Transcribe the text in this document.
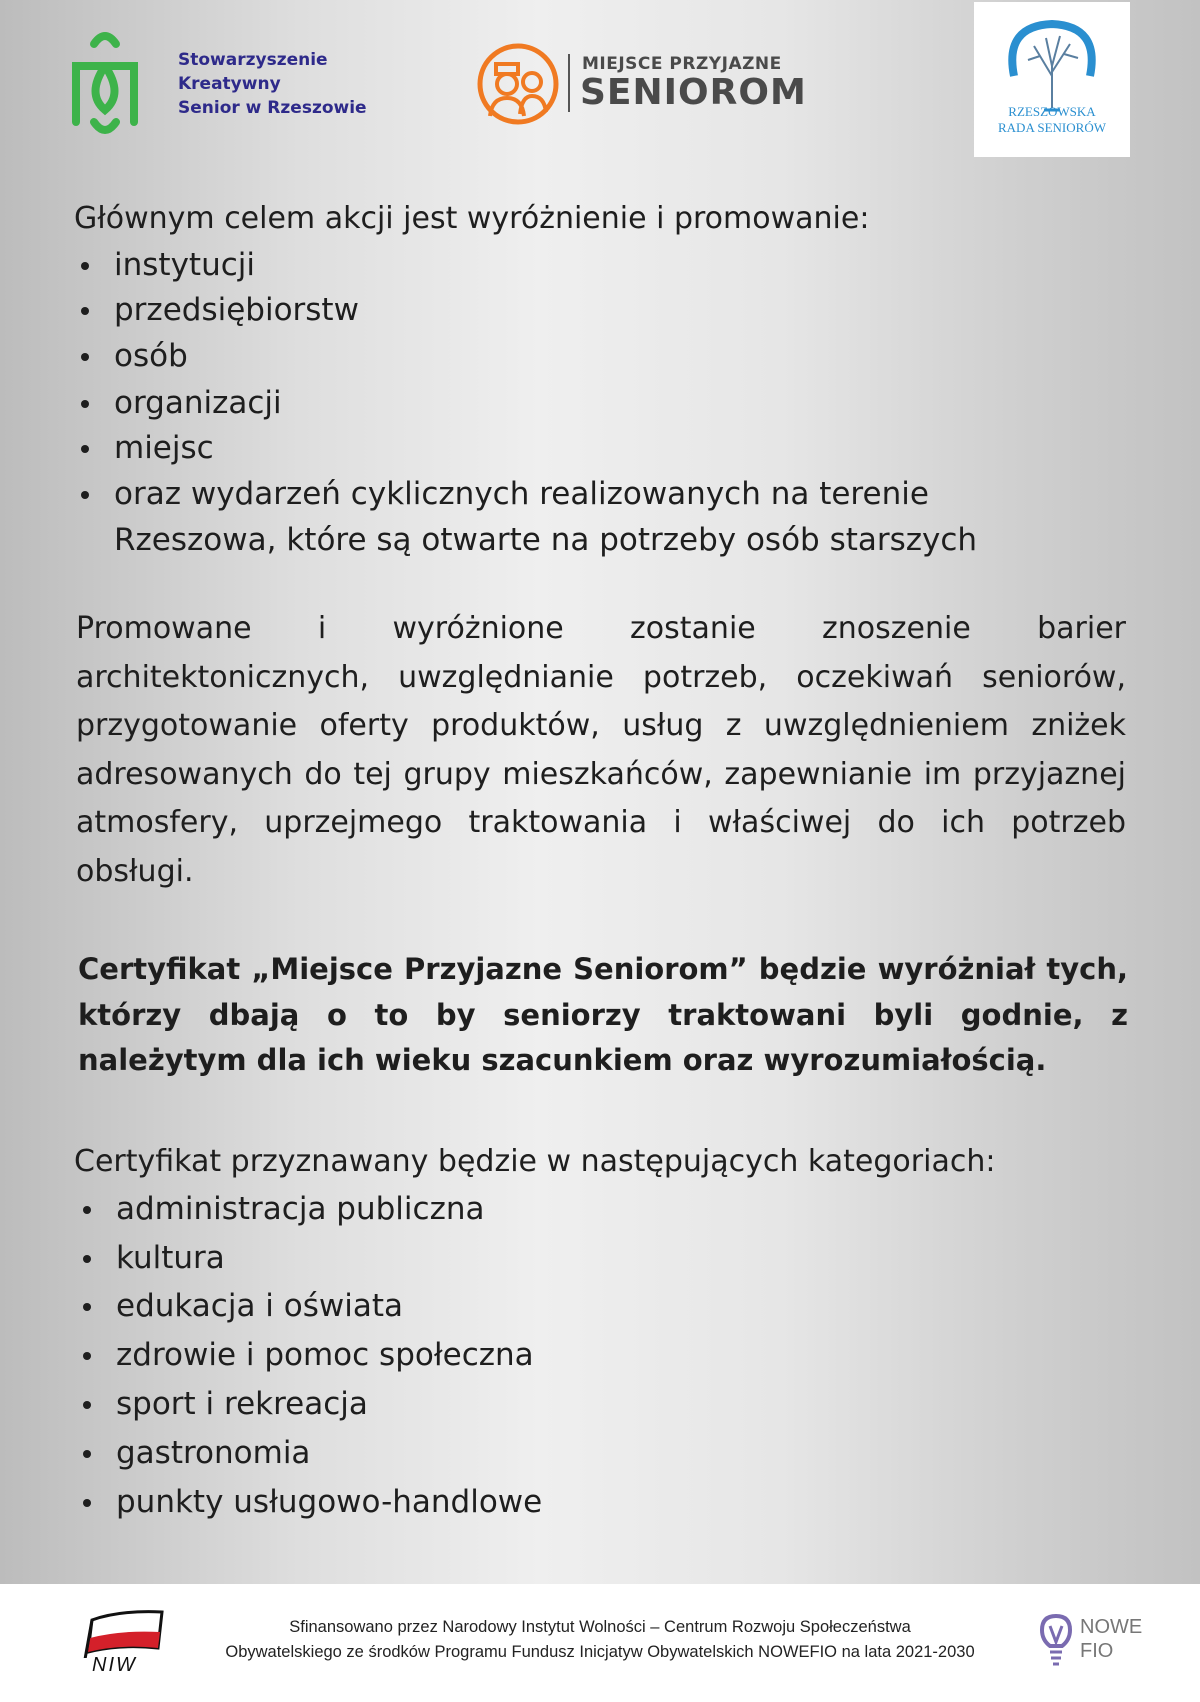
Stowarzyszenie
Kreatywny
Senior w Rzeszowie
MIEJSCE PRZYJAZNE
SENIOROM	RZESZOWSKA
RADA SENIORÓW
Głównym celem akcji jest wyróżnienie i promowanie:
instytucji
przedsiębiorstw
osób
organizacji
miejsc
oraz wydarzeń cyklicznych realizowanych na terenie
Rzeszowa, które są otwarte na potrzeby osób starszych

Promowane i wyróżnione zostanie znoszenie barier architektonicznych, uwzględnianie potrzeb, oczekiwań seniorów, przygotowanie oferty produktów, usług z uwzględnieniem zniżek adresowanych do tej grupy mieszkańców, zapewnianie im przyjaznej atmosfery, uprzejmego traktowania i właściwej do ich potrzeb obsługi.

Certyfikat „Miejsce Przyjazne Seniorom” będzie wyróżniał tych, którzy dbają o to by seniorzy traktowani byli godnie, z należytym dla ich wieku szacunkiem oraz wyrozumiałością.

Certyfikat przyznawany będzie w następujących kategoriach:
administracja publiczna
kultura
edukacja i oświata
zdrowie i pomoc społeczna
sport i rekreacja
gastronomia
punkty usługowo-handlowe
NIW
Sfinansowano przez Narodowy Instytut Wolności – Centrum Rozwoju Społeczeństwa
Obywatelskiego ze środków Programu Fundusz Inicjatyw Obywatelskich NOWEFIO na lata 2021-2030
NOWE
FIO
